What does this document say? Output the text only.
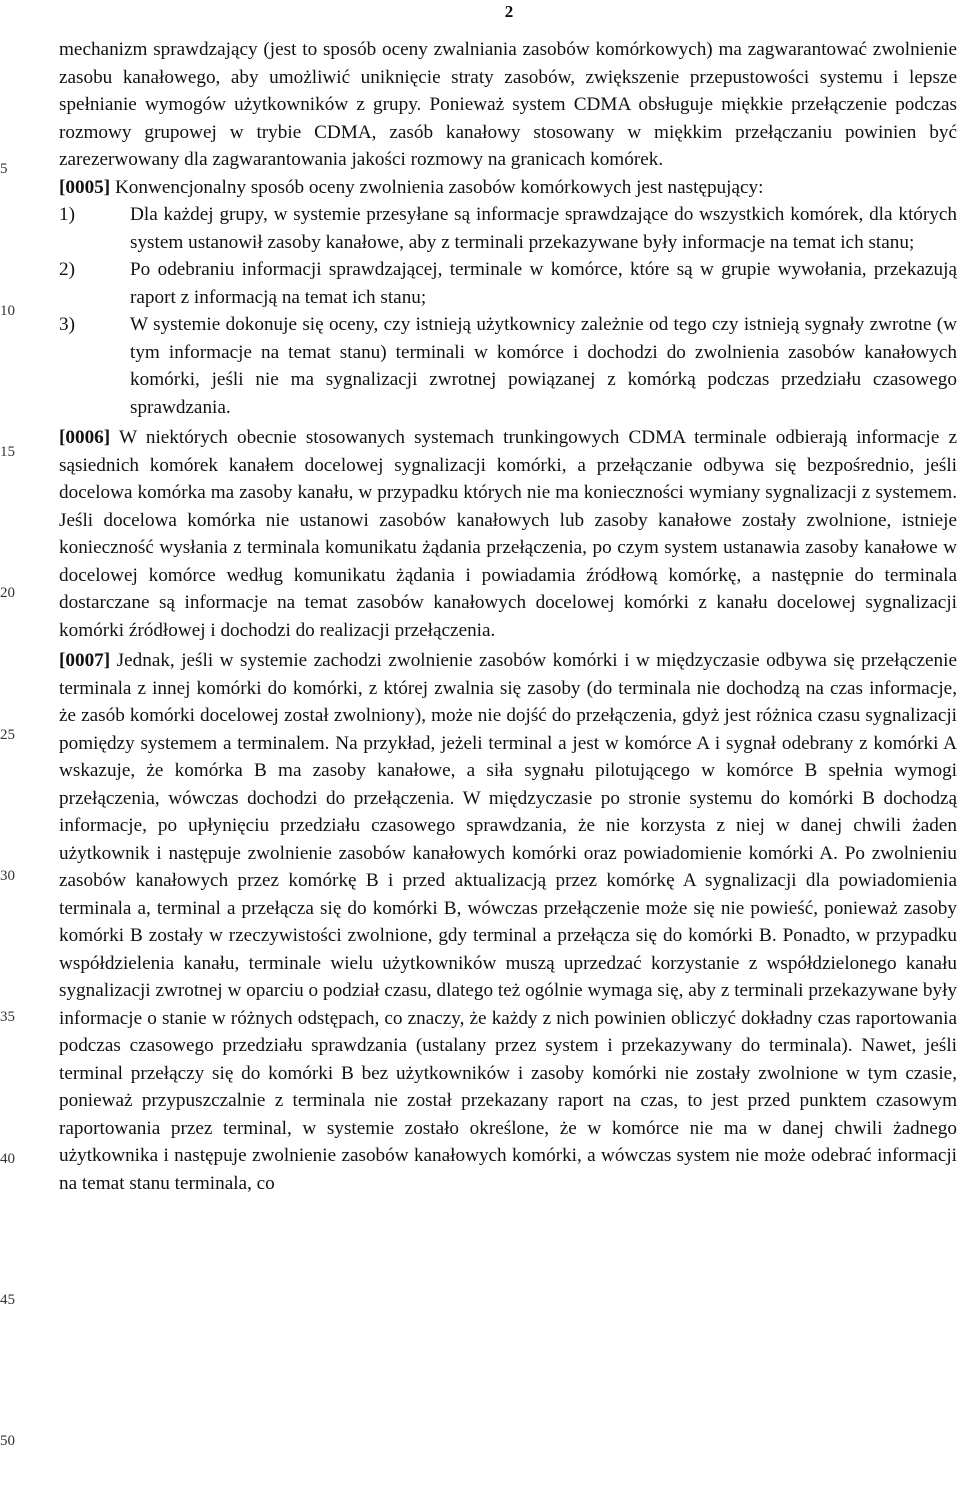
2
5
10
15
20
25
30
35
40
45
50

mechanizm sprawdzający (jest to sposób oceny zwalniania zasobów komórkowych) ma zagwarantować zwolnienie zasobu kanałowego, aby umożliwić uniknięcie straty zasobów, zwiększenie przepustowości systemu i lepsze spełnianie wymogów użytkowników z grupy. Ponieważ system CDMA obsługuje miękkie przełączenie podczas rozmowy grupowej w trybie CDMA, zasób kanałowy stosowany w miękkim przełączaniu powinien być zarezerwowany dla zagwarantowania jakości rozmowy na granicach komórek.

[0005] Konwencjonalny sposób oceny zwolnienia zasobów komórkowych jest następujący:

1)	Dla każdej grupy, w systemie przesyłane są informacje sprawdzające do wszystkich komórek, dla których system ustanowił zasoby kanałowe, aby z terminali przekazywane były informacje na temat ich stanu;
2)	Po odebraniu informacji sprawdzającej, terminale w komórce, które są w grupie wywołania, przekazują raport z informacją na temat ich stanu;
3)	W systemie dokonuje się oceny, czy istnieją użytkownicy zależnie od tego czy istnieją sygnały zwrotne (w tym informacje na temat stanu) terminali w komórce i dochodzi do zwolnienia zasobów kanałowych komórki, jeśli nie ma sygnalizacji zwrotnej powiązanej z komórką podczas przedziału czasowego sprawdzania.

[0006] W niektórych obecnie stosowanych systemach trunkingowych CDMA terminale odbierają informacje z sąsiednich komórek kanałem docelowej sygnalizacji komórki, a przełączanie odbywa się bezpośrednio, jeśli docelowa komórka ma zasoby kanału, w przypadku których nie ma konieczności wymiany sygnalizacji z systemem. Jeśli docelowa komórka nie ustanowi zasobów kanałowych lub zasoby kanałowe zostały zwolnione, istnieje konieczność wysłania z terminala komunikatu żądania przełączenia, po czym system ustanawia zasoby kanałowe w docelowej komórce według komunikatu żądania i powiadamia źródłową komórkę, a następnie do terminala dostarczane są informacje na temat zasobów kanałowych docelowej komórki z kanału docelowej sygnalizacji komórki źródłowej i dochodzi do realizacji przełączenia.

[0007] Jednak, jeśli w systemie zachodzi zwolnienie zasobów komórki i w międzyczasie odbywa się przełączenie terminala z innej komórki do komórki, z której zwalnia się zasoby (do terminala nie dochodzą na czas informacje, że zasób komórki docelowej został zwolniony), może nie dojść do przełączenia, gdyż jest różnica czasu sygnalizacji pomiędzy systemem a terminalem. Na przykład, jeżeli terminal a jest w komórce A i sygnał odebrany z komórki A wskazuje, że komórka B ma zasoby kanałowe, a siła sygnału pilotującego w komórce B spełnia wymogi przełączenia, wówczas dochodzi do przełączenia. W międzyczasie po stronie systemu do komórki B dochodzą informacje, po upłynięciu przedziału czasowego sprawdzania, że nie korzysta z niej w danej chwili żaden użytkownik i następuje zwolnienie zasobów kanałowych komórki oraz powiadomienie komórki A. Po zwolnieniu zasobów kanałowych przez komórkę B i przed aktualizacją przez komórkę A sygnalizacji dla powiadomienia terminala a, terminal a przełącza się do komórki B, wówczas przełączenie może się nie powieść, ponieważ zasoby komórki B zostały w rzeczywistości zwolnione, gdy terminal a przełącza się do komórki B. Ponadto, w przypadku współdzielenia kanału, terminale wielu użytkowników muszą uprzedzać korzystanie z współdzielonego kanału sygnalizacji zwrotnej w oparciu o podział czasu, dlatego też ogólnie wymaga się, aby z terminali przekazywane były informacje o stanie w różnych odstępach, co znaczy, że każdy z nich powinien obliczyć dokładny czas raportowania podczas czasowego przedziału sprawdzania (ustalany przez system i przekazywany do terminala). Nawet, jeśli terminal przełączy się do komórki B bez użytkowników i zasoby komórki nie zostały zwolnione w tym czasie, ponieważ przypuszczalnie z terminala nie został przekazany raport na czas, to jest przed punktem czasowym raportowania przez terminal, w systemie zostało określone, że w komórce nie ma w danej chwili żadnego użytkownika i następuje zwolnienie zasobów kanałowych komórki, a wówczas system nie może odebrać informacji na temat stanu terminala, co
